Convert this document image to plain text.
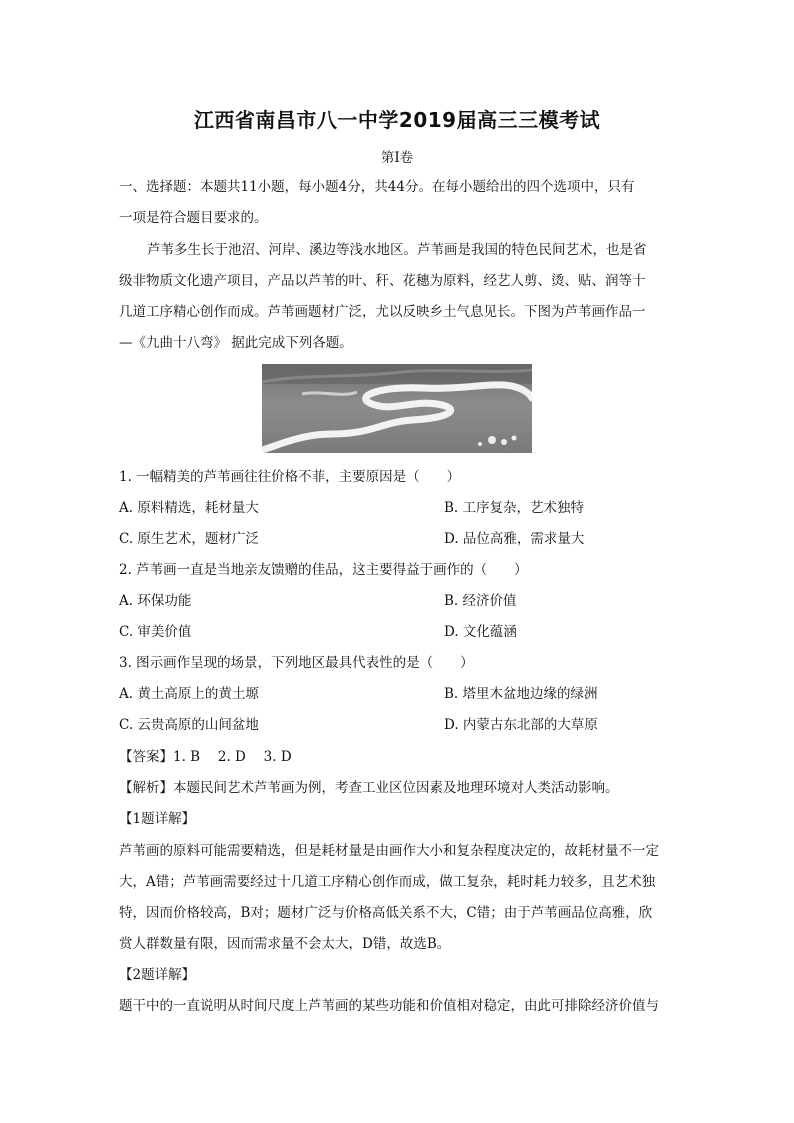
江西省南昌市八一中学2019届高三三模考试
第I卷
一、选择题：本题共11小题，每小题4分，共44分。在每小题给出的四个选项中，只有
一项是符合题目要求的。
芦苇多生长于池沼、河岸、溪边等浅水地区。芦苇画是我国的特色民间艺术，也是省
级非物质文化遗产项目，产品以芦苇的叶、秆、花穗为原料，经艺人剪、烫、贴、润等十
几道工序精心创作而成。芦苇画题材广泛，尤以反映乡土气息见长。下图为芦苇画作品一
—《九曲十八弯》 据此完成下列各题。
1. 一幅精美的芦苇画往往价格不菲，主要原因是（　　）
A. 原料精选，耗材量大	B. 工序复杂，艺术独特
C. 原生艺术，题材广泛	D. 品位高雅，需求量大
2. 芦苇画一直是当地亲友馈赠的佳品，这主要得益于画作的（　　）
A. 环保功能	B. 经济价值
C. 审美价值	D. 文化蕴涵
3. 图示画作呈现的场景，下列地区最具代表性的是（　　）
A. 黄土高原上的黄土塬	B. 塔里木盆地边缘的绿洲
C. 云贵高原的山间盆地	D. 内蒙古东北部的大草原
【答案】1. B　 2. D　 3. D
【解析】本题民间艺术芦苇画为例，考查工业区位因素及地理环境对人类活动影响。
【1题详解】
芦苇画的原料可能需要精选，但是耗材量是由画作大小和复杂程度决定的，故耗材量不一定
大，A错；芦苇画需要经过十几道工序精心创作而成，做工复杂，耗时耗力较多，且艺术独
特，因而价格较高，B对；题材广泛与价格高低关系不大，C错；由于芦苇画品位高雅，欣
赏人群数量有限，因而需求量不会太大，D错，故选B。
【2题详解】
题干中的一直说明从时间尺度上芦苇画的某些功能和价值相对稳定，由此可排除经济价值与
